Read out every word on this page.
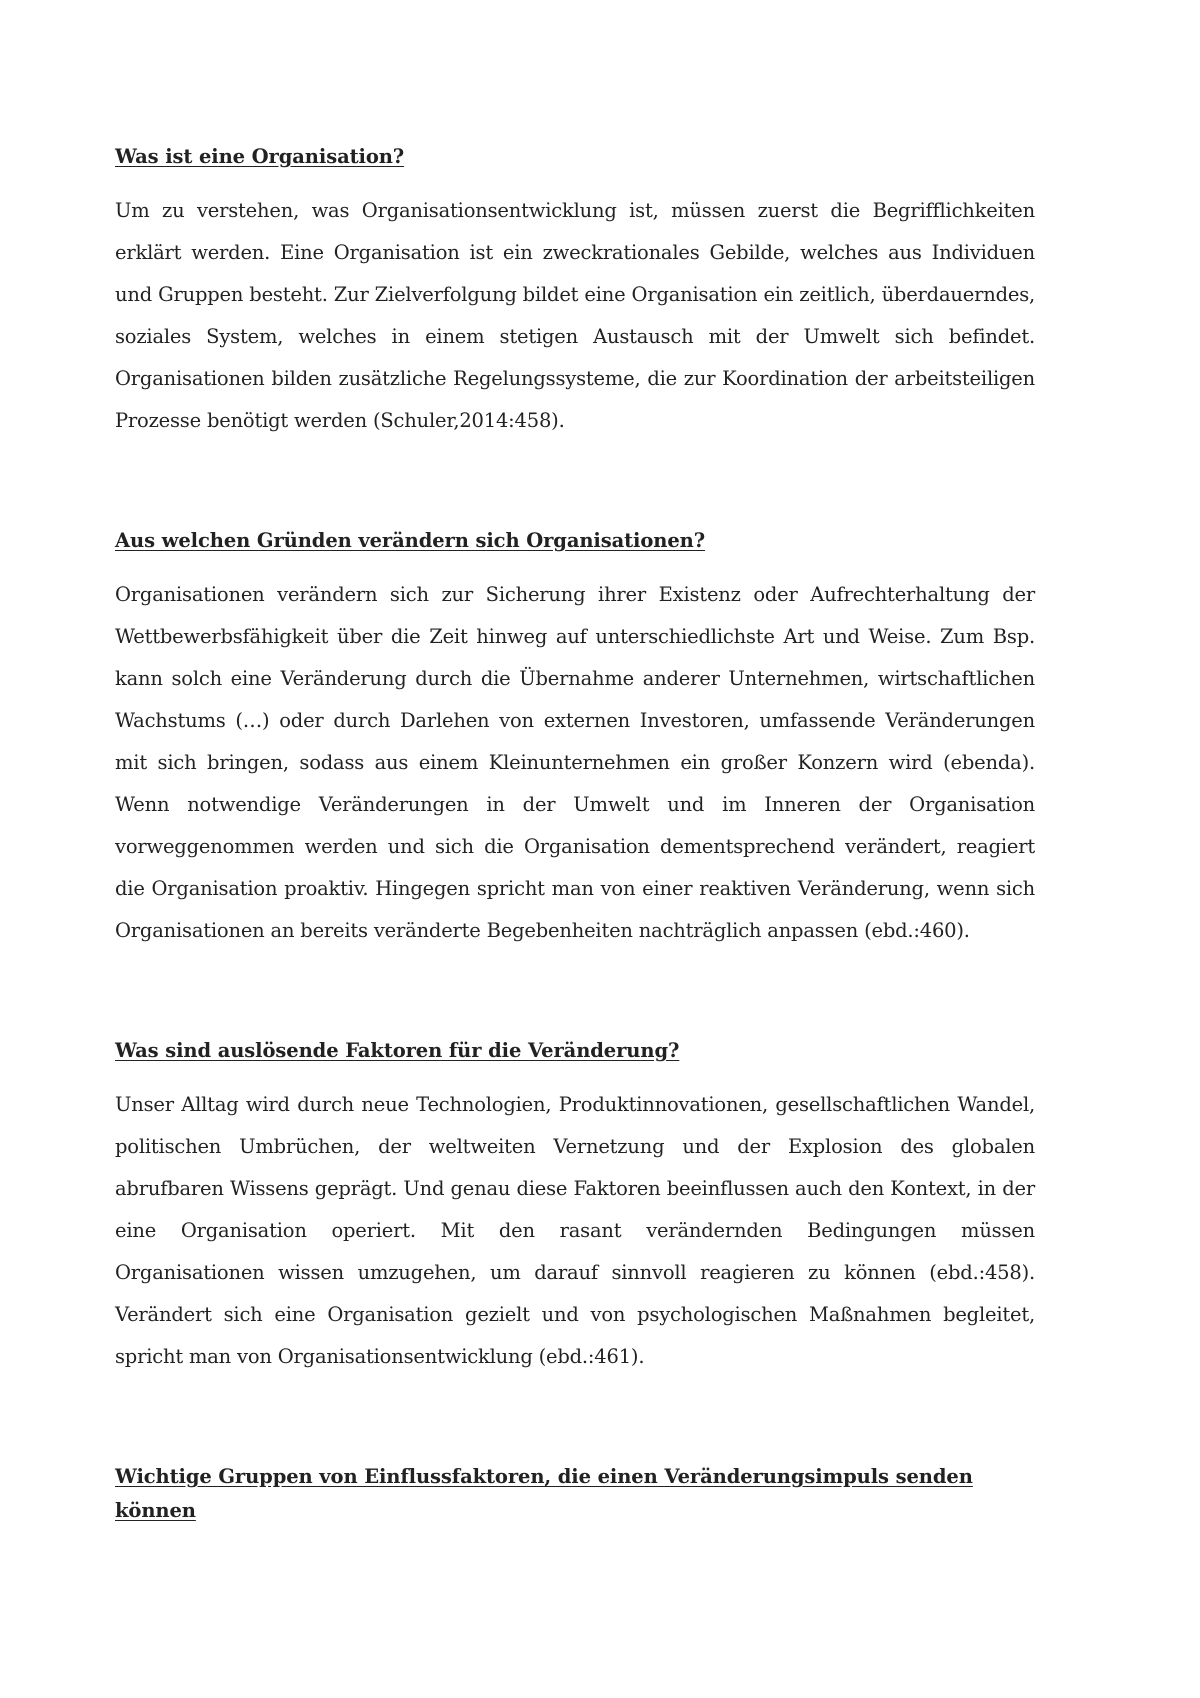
Was ist eine Organisation?

Um zu verstehen, was Organisationsentwicklung ist, müssen zuerst die Begrifflichkeiten erklärt werden. Eine Organisation ist ein zweckrationales Gebilde, welches aus Individuen und Gruppen besteht. Zur Zielverfolgung bildet eine Organisation ein zeitlich, überdauerndes, soziales System, welches in einem stetigen Austausch mit der Umwelt sich befindet. Organisationen bilden zusätzliche Regelungssysteme, die zur Koordination der arbeitsteiligen Prozesse benötigt werden (Schuler,2014:458).

Aus welchen Gründen verändern sich Organisationen?

Organisationen verändern sich zur Sicherung ihrer Existenz oder Aufrechterhaltung der Wettbewerbsfähigkeit über die Zeit hinweg auf unterschiedlichste Art und Weise. Zum Bsp. kann solch eine Veränderung durch die Übernahme anderer Unternehmen, wirtschaftlichen Wachstums (…) oder durch Darlehen von externen Investoren, umfassende Veränderungen mit sich bringen, sodass aus einem Kleinunternehmen ein großer Konzern wird (ebenda). Wenn notwendige Veränderungen in der Umwelt und im Inneren der Organisation vorweggenommen werden und sich die Organisation dementsprechend verändert, reagiert die Organisation proaktiv. Hingegen spricht man von einer reaktiven Veränderung, wenn sich Organisationen an bereits veränderte Begebenheiten nachträglich anpassen (ebd.:460).

Was sind auslösende Faktoren für die Veränderung?

Unser Alltag wird durch neue Technologien, Produktinnovationen, gesellschaftlichen Wandel, politischen Umbrüchen, der weltweiten Vernetzung und der Explosion des globalen abrufbaren Wissens geprägt. Und genau diese Faktoren beeinflussen auch den Kontext, in der eine Organisation operiert. Mit den rasant verändernden Bedingungen müssen Organisationen wissen umzugehen, um darauf sinnvoll reagieren zu können (ebd.:458). Verändert sich eine Organisation gezielt und von psychologischen Maßnahmen begleitet, spricht man von Organisationsentwicklung (ebd.:461).

Wichtige Gruppen von Einflussfaktoren, die einen Veränderungsimpuls senden können
